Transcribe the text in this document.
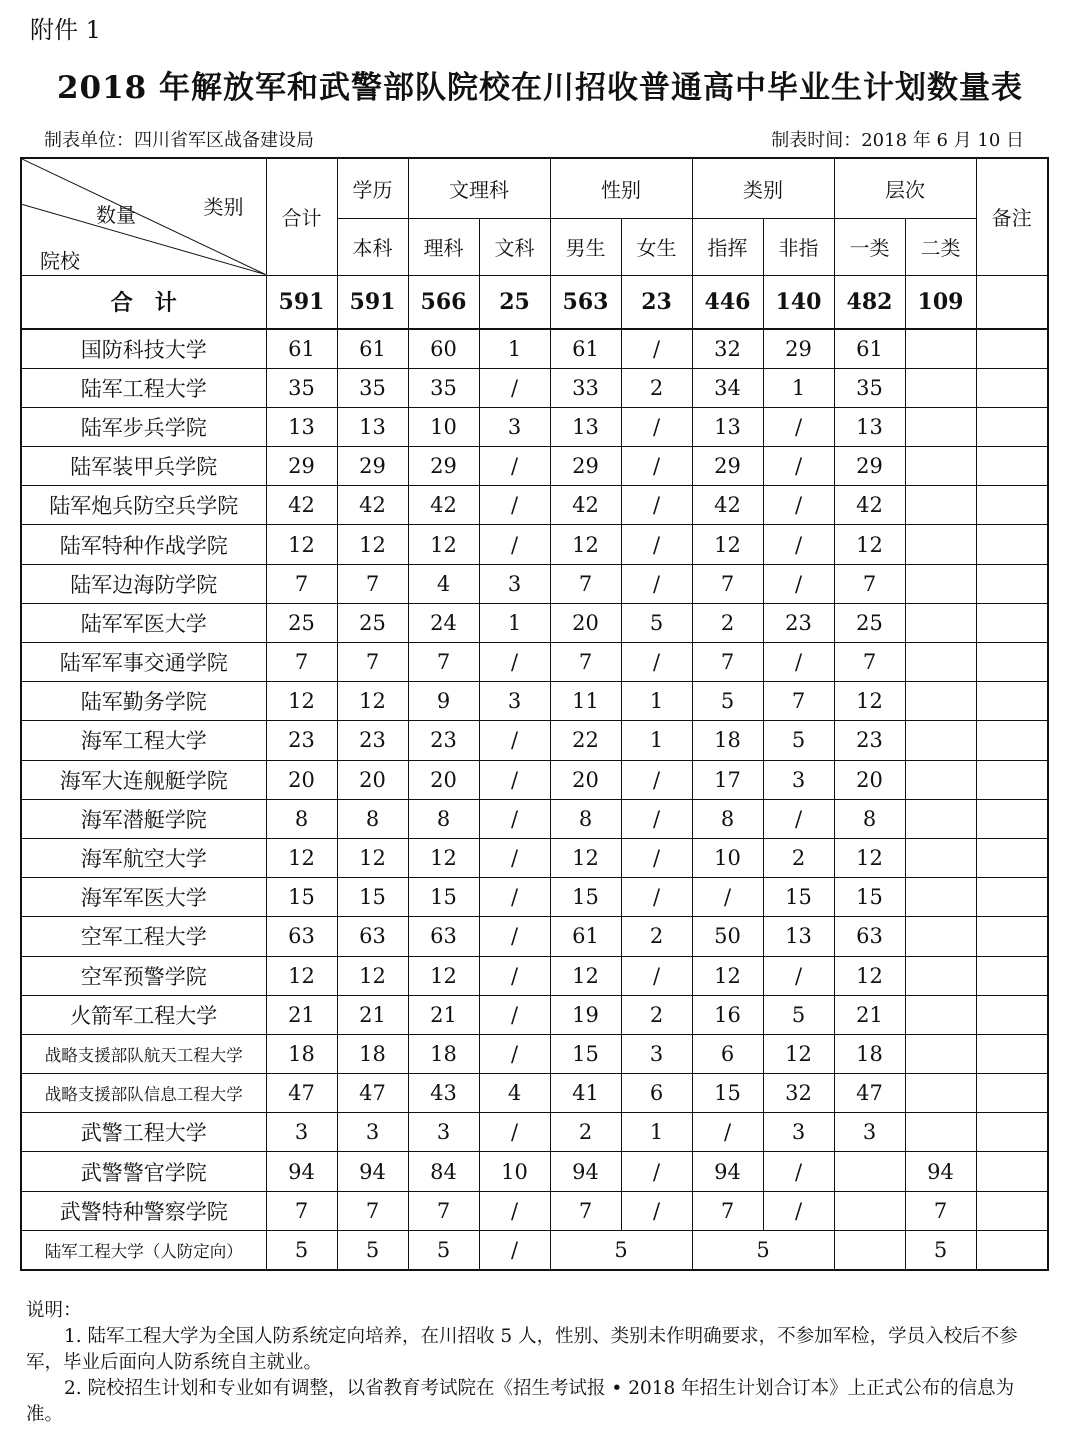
附件 1
2018 年解放军和武警部队院校在川招收普通高中毕业生计划数量表
制表单位：四川省军区战备建设局	制表时间：2018 年 6 月 10 日
类别
数量
院校	合计	学历	文理科		性别		类别		层次		备注
		本科	理科	文科	男生	女生	指挥	非指	一类	二类	
合　计	591	591	566	25	563	23	446	140	482	109	
国防科技大学	61	61	60	1	61	/	32	29	61		
陆军工程大学	35	35	35	/	33	2	34	1	35		
陆军步兵学院	13	13	10	3	13	/	13	/	13		
陆军装甲兵学院	29	29	29	/	29	/	29	/	29		
陆军炮兵防空兵学院	42	42	42	/	42	/	42	/	42		
陆军特种作战学院	12	12	12	/	12	/	12	/	12		
陆军边海防学院	7	7	4	3	7	/	7	/	7		
陆军军医大学	25	25	24	1	20	5	2	23	25		
陆军军事交通学院	7	7	7	/	7	/	7	/	7		
陆军勤务学院	12	12	9	3	11	1	5	7	12		
海军工程大学	23	23	23	/	22	1	18	5	23		
海军大连舰艇学院	20	20	20	/	20	/	17	3	20		
海军潜艇学院	8	8	8	/	8	/	8	/	8		
海军航空大学	12	12	12	/	12	/	10	2	12		
海军军医大学	15	15	15	/	15	/	/	15	15		
空军工程大学	63	63	63	/	61	2	50	13	63		
空军预警学院	12	12	12	/	12	/	12	/	12		
火箭军工程大学	21	21	21	/	19	2	16	5	21		
战略支援部队航天工程大学	18	18	18	/	15	3	6	12	18		
战略支援部队信息工程大学	47	47	43	4	41	6	15	32	47		
武警工程大学	3	3	3	/	2	1	/	3	3		
武警警官学院	94	94	84	10	94	/	94	/		94	
武警特种警察学院	7	7	7	/	7	/	7	/		7	
陆军工程大学（人防定向）	5	5	5	/	5		5			5	
说明：
1. 陆军工程大学为全国人防系统定向培养，在川招收 5 人，性别、类别未作明确要求，不参加军检，学员入校后不参军，毕业后面向人防系统自主就业。
2. 院校招生计划和专业如有调整，以省教育考试院在《招生考试报 • 2018 年招生计划合订本》上正式公布的信息为准。
